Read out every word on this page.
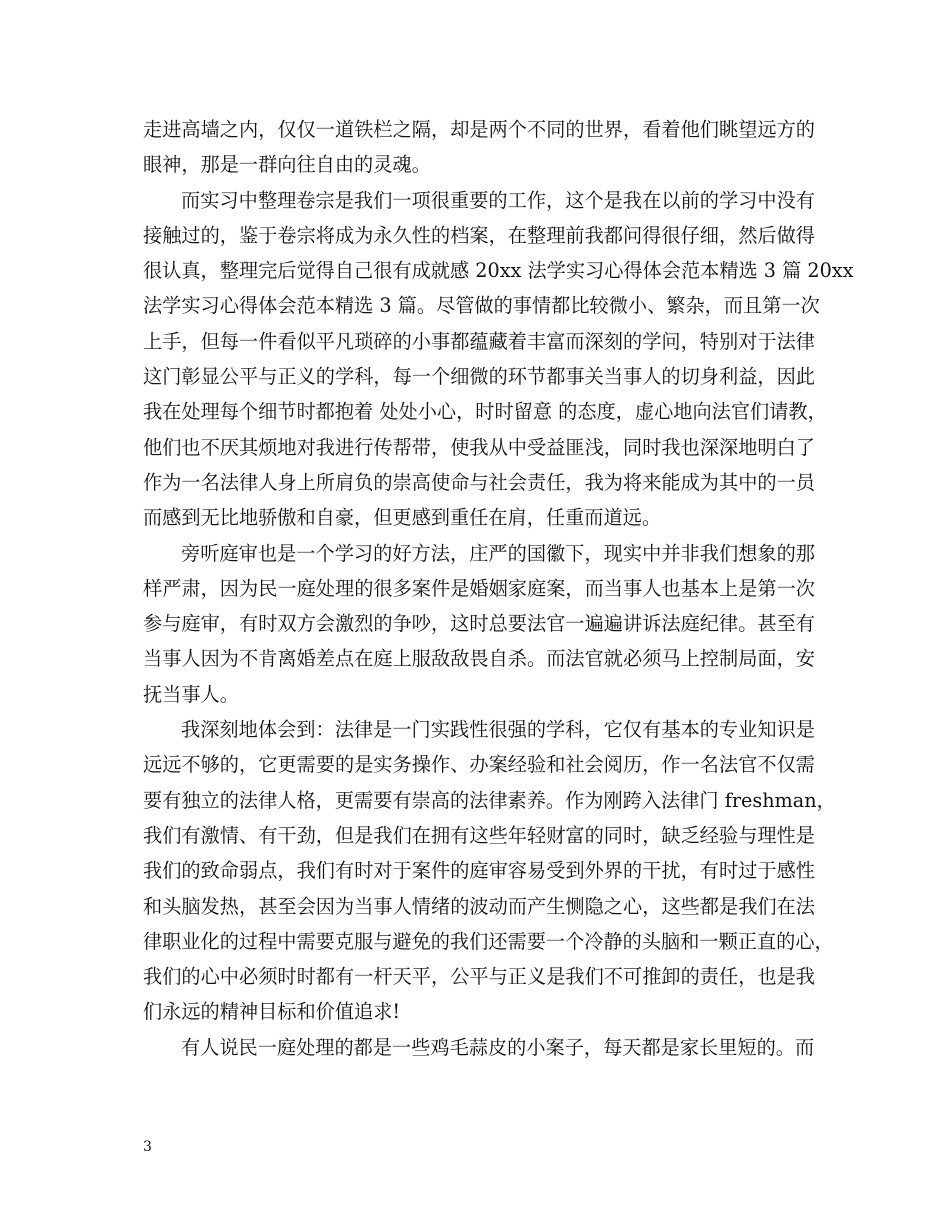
走进高墙之内，仅仅一道铁栏之隔，却是两个不同的世界，看着他们眺望远方的
眼神，那是一群向往自由的灵魂。
而实习中整理卷宗是我们一项很重要的工作，这个是我在以前的学习中没有
接触过的，鉴于卷宗将成为永久性的档案，在整理前我都问得很仔细，然后做得
很认真，整理完后觉得自己很有成就感 20xx 法学实习心得体会范本精选 3 篇 20xx
法学实习心得体会范本精选 3 篇。尽管做的事情都比较微小、繁杂，而且第一次
上手，但每一件看似平凡琐碎的小事都蕴藏着丰富而深刻的学问，特别对于法律
这门彰显公平与正义的学科，每一个细微的环节都事关当事人的切身利益，因此
我在处理每个细节时都抱着 处处小心，时时留意 的态度，虚心地向法官们请教，
他们也不厌其烦地对我进行传帮带，使我从中受益匪浅，同时我也深深地明白了
作为一名法律人身上所肩负的崇高使命与社会责任，我为将来能成为其中的一员
而感到无比地骄傲和自豪，但更感到重任在肩，任重而道远。
旁听庭审也是一个学习的好方法，庄严的国徽下，现实中并非我们想象的那
样严肃，因为民一庭处理的很多案件是婚姻家庭案，而当事人也基本上是第一次
参与庭审，有时双方会激烈的争吵，这时总要法官一遍遍讲诉法庭纪律。甚至有
当事人因为不肯离婚差点在庭上服敌敌畏自杀。而法官就必须马上控制局面，安
抚当事人。
我深刻地体会到：法律是一门实践性很强的学科，它仅有基本的专业知识是
远远不够的，它更需要的是实务操作、办案经验和社会阅历，作一名法官不仅需
要有独立的法律人格，更需要有崇高的法律素养。作为刚跨入法律门 freshman，
我们有激情、有干劲，但是我们在拥有这些年轻财富的同时，缺乏经验与理性是
我们的致命弱点，我们有时对于案件的庭审容易受到外界的干扰，有时过于感性
和头脑发热，甚至会因为当事人情绪的波动而产生恻隐之心，这些都是我们在法
律职业化的过程中需要克服与避免的我们还需要一个冷静的头脑和一颗正直的心，
我们的心中必须时时都有一杆天平，公平与正义是我们不可推卸的责任，也是我
们永远的精神目标和价值追求!
有人说民一庭处理的都是一些鸡毛蒜皮的小案子，每天都是家长里短的。而
3
